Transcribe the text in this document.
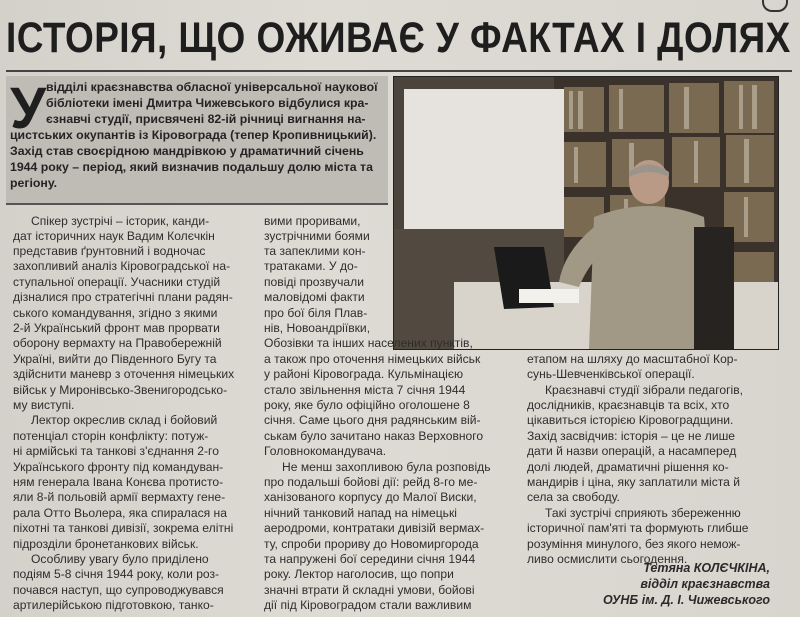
ІСТОРІЯ, ЩО ОЖИВАЄ У ФАКТАХ І ДОЛЯХ
У відділі краєзнавства обласної універсальної наукової
бібліотеки імені Дмитра Чижевського відбулися кра-
єзнавчі студії, присвячені 82-ій річниці вигнання на-
цистських окупантів із Кіровограда (тепер Кропивницький).
Захід став своєрідною мандрівкою у драматичний січень
1944 року – період, який визначив подальшу долю міста та
регіону.
Спікер зустрічі – історик, канди-
дат історичних наук Вадим Колєчкін
представив ґрунтовний і водночас
захопливий аналіз Кіровоградської на-
ступальної операції. Учасники студій
дізналися про стратегічні плани радян-
ського командування, згідно з якими
2-й Український фронт мав прорвати
оборону вермахту на Правобережній
Україні, вийти до Південного Бугу та
здійснити маневр з оточення німецьких
військ у Миронівсько-Звенигородсько-
му виступі.
Лектор окреслив склад і бойовий
потенціал сторін конфлікту: потуж-
ні армійські та танкові з'єднання 2-го
Українського фронту під командуван-
ням генерала Івана Конєва протисто-
яли 8-й польовій армії вермахту гене-
рала Отто Вьолера, яка спиралася на
піхотні та танкові дивізії, зокрема елітні
підрозділи бронетанкових військ.
Особливу увагу було приділено
подіям 5-8 січня 1944 року, коли роз-
почався наступ, що супроводжувався
артилерійською підготовкою, танко-
вими проривами,
зустрічними боями
та запеклими кон-
тратаками. У до-
повіді прозвучали
маловідомі факти
про бої біля Плав-
нів, Новоандріївки,
Обозівки та інших населених пунктів,
а також про оточення німецьких військ
у районі Кіровограда. Кульмінацією
стало звільнення міста 7 січня 1944
року, яке було офіційно оголошене 8
січня. Саме цього дня радянським вій-
ськам було зачитано наказ Верховного
Головнокомандувача.
Не менш захопливою була розповідь
про подальші бойові дії: рейд 8-го ме-
ханізованого корпусу до Малої Виски,
нічний танковий напад на німецькі
аеродроми, контратаки дивізій вермах-
ту, спроби прориву до Новомиргорода
та напружені бої середини січня 1944
року. Лектор наголосив, що попри
значні втрати й складні умови, бойові
дії під Кіровоградом стали важливим
етапом на шляху до масштабної Кор-
сунь-Шевченківської операції.
Краєзнавчі студії зібрали педагогів,
дослідників, краєзнавців та всіх, хто
цікавиться історією Кіровоградщини.
Захід засвідчив: історія – це не лише
дати й назви операцій, а насамперед
долі людей, драматичні рішення ко-
мандирів і ціна, яку заплатили міста й
села за свободу.
Такі зустрічі сприяють збереженню
історичної пам'яті та формують глибше
розуміння минулого, без якого немож-
ливо осмислити сьогодення.
Тетяна КОЛЄЧКІНА,
відділ краєзнавства
ОУНБ ім. Д. І. Чижевського
